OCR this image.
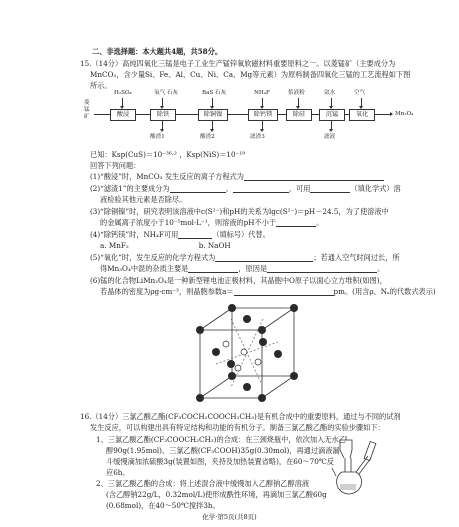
二、非选择题：本大题共4题，共58分。
15.（14分）高纯四氧化三锰是电子工业生产锰锌氧软磁材料重要原料之一。以菱锰矿（主要成分为
MnCO₃，含少量Si、Fe、Al、Cu、Ni、Ca、Mg等元素）为原料制备四氧化三锰的工艺流程如下图
所示。
菱锰矿
H₂SO₄	氧气 石灰	BaS 石灰	NH₄F	浆液粉	氨水	空气
酸浸	除铁	除铜镍	除钙镁	除硅	沉锰	氧化	Mn₃O₄
酸渣1	酸渣2	滤渣3	滤液
已知：Ksp(CuS)＝10⁻³⁶·² ，Ksp(NiS)＝10⁻¹⁹
回答下列问题：
(1)“酸浸”时，MnCO₃ 发生反应的离子方程式为
(2)“滤渣1”的主要成分为	、	，可用	（填化学式）溶
液检验其他元素是否除尽。
(3)“除铜镍”时，研究表明该溶液中c(S²⁻)和pH的关系为lgc(S²⁻)＝pH－24.5，为了使溶液中
的金属离子浓度小于10⁻⁵mol·L⁻¹，则溶液的pH不小于	。
(4)“除钙镁”时，NH₄F可用	（填标号）代替。
a. MnF₂	b. NaOH
(5)“氧化”时，发生反应的化学方程式为	；若通入空气时间过长，所
得Mn₃O₄中混的杂质主要是	，原因是	。
(6)锰的化合物LiMn₂O₄是一种新型锂电池正极材料，其晶胞中O原子以面心立方堆积(如图)，
若晶体的密度为ρg·cm⁻³，则晶胞参数a＝	pm。(用含ρ、Nₐ的代数式表示)
16.（14分）三氯乙酸乙酯(CF₃COCH₂COOCH₂CH₃)是有机合成中的重要原料，通过与不同的试剂
发生反应，可以构建出具有特定结构和功能的有机分子。制备三氯乙酸乙酯的实验步骤如下：
1、三氯乙酸乙酯(CF₃COOCH₂CH₃)的合成：在三颈烧瓶中，依次加入无水乙
醇90g(1.95mol)、三氯乙酸(CF₃COOH)35g(0.30mol)，再通过滴液漏
斗缓慢滴加浓硫酸3g(装置如图，夹持及加热装置省略)，在60～70℃反
应6h。
2、三氯乙酸乙酯的合成：将上述混合液中缓慢加入乙醇钠乙醇溶液
(含乙醇钠22g/L，0.32mol/L)使形成酰性环境，再滴加三氯乙酸60g
(0.68mol)，在40～50℃搅拌3h。
化学·第5页(共8页)
